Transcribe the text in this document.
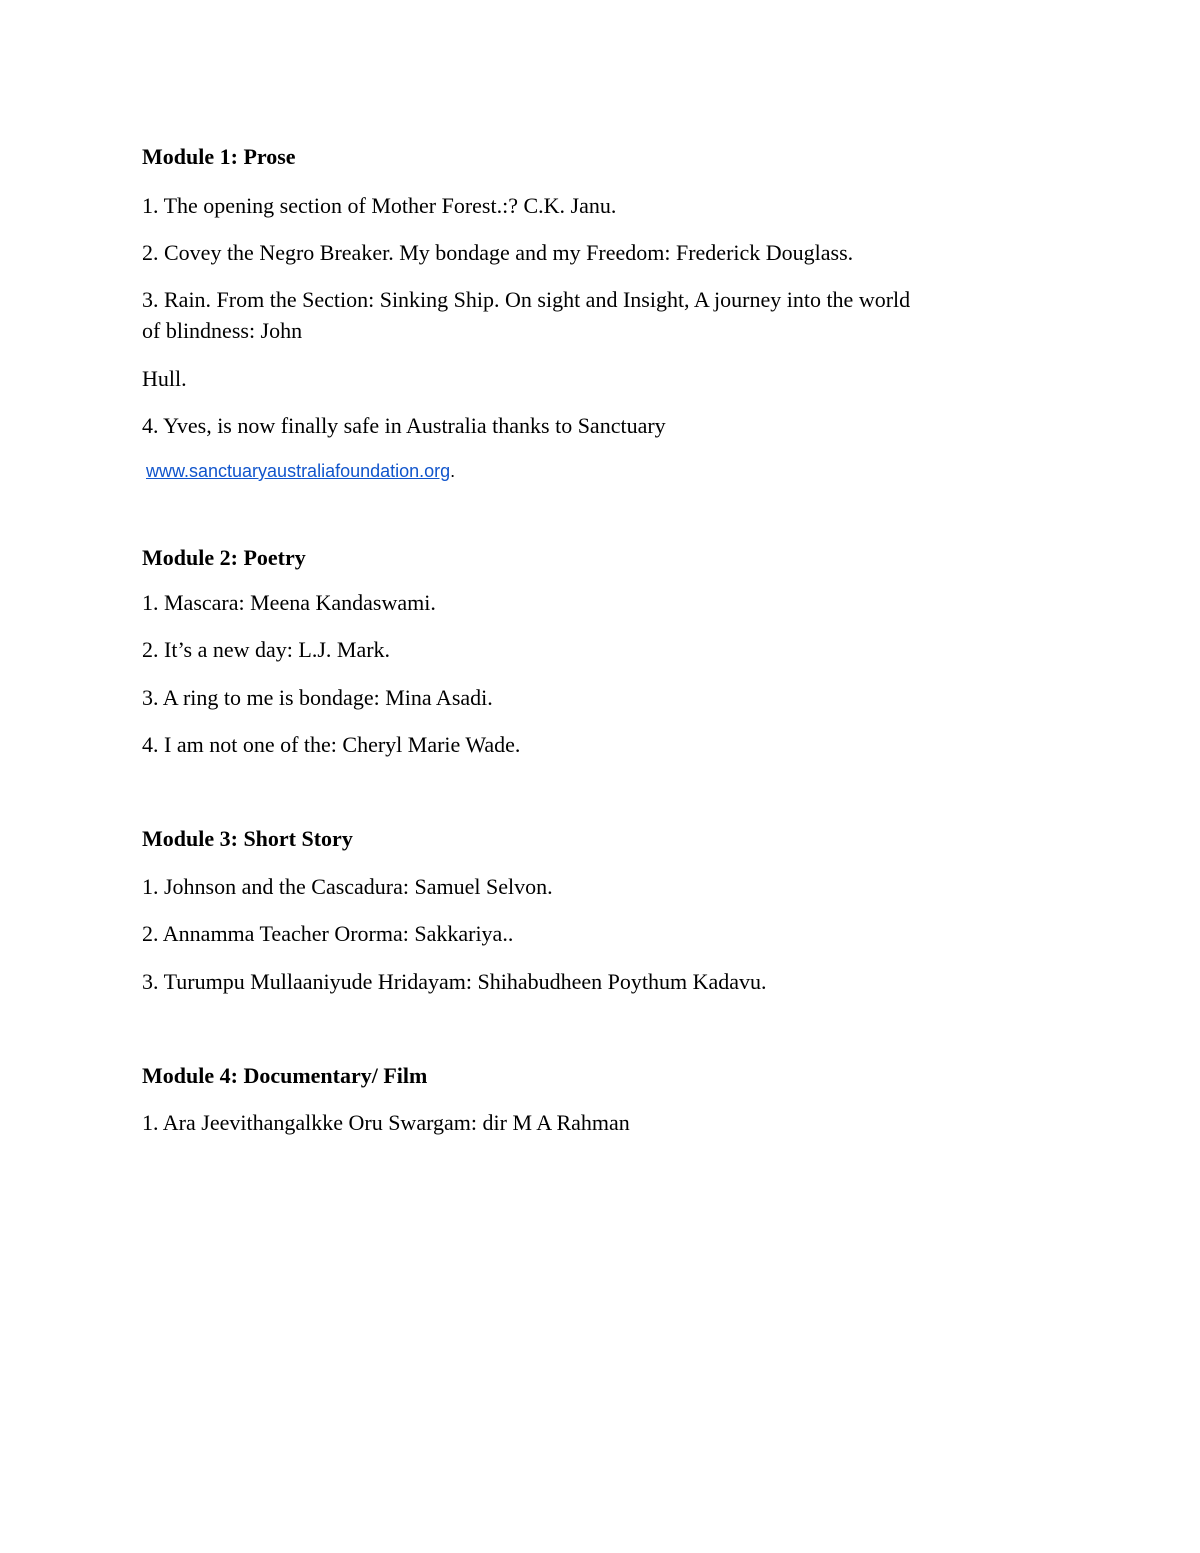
Module 1: Prose

1. The opening section of Mother Forest.:? C.K. Janu.

2. Covey the Negro Breaker. My bondage and my Freedom: Frederick Douglass.

3. Rain. From the Section: Sinking Ship. On sight and Insight, A journey into the world

of blindness: John

Hull.

4. Yves, is now finally safe in Australia thanks to Sanctuary

www.sanctuaryaustraliafoundation.org.

Module 2: Poetry

1. Mascara: Meena Kandaswami.

2. It’s a new day: L.J. Mark.

3. A ring to me is bondage: Mina Asadi.

4. I am not one of the: Cheryl Marie Wade.

Module 3: Short Story

1. Johnson and the Cascadura: Samuel Selvon.

2. Annamma Teacher Ororma: Sakkariya..

3. Turumpu Mullaaniyude Hridayam: Shihabudheen Poythum Kadavu.

Module 4: Documentary/ Film

1. Ara Jeevithangalkke Oru Swargam: dir M A Rahman
